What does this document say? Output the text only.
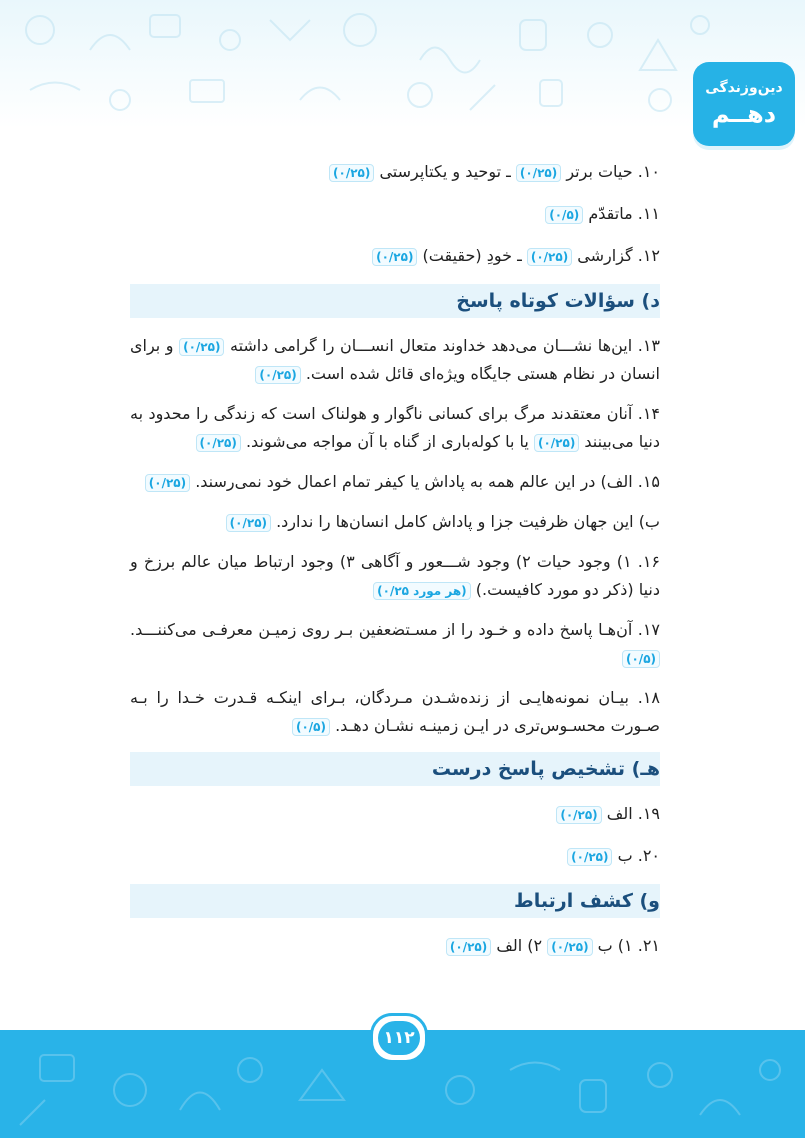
دین‌وزندگی
دهــم

۱۰. حیات برتر (۰/۲۵) ـ توحید و یکتاپرستی (۰/۲۵)

۱۱. ماتقدّم (۰/۵)

۱۲. گزارشی (۰/۲۵) ـ خودِ (حقیقت) (۰/۲۵)

د) سؤالات کوتاه پاسخ

۱۳. این‌ها نشـــان می‌دهد خداوند متعال انســـان را گرامی داشته (۰/۲۵) و برای انسان در نظام هستی جایگاه ویژه‌ای قائل شده است. (۰/۲۵)

۱۴. آنان معتقدند مرگ برای کسانی ناگوار و هولناک است که زندگی را محدود به دنیا می‌بینند (۰/۲۵) یا با کوله‌باری از گناه با آن مواجه می‌شوند. (۰/۲۵)

۱۵. الف) در این عالم همه به پاداش یا کیفر تمام اعمال خود نمی‌رسند. (۰/۲۵)

ب) این جهان ظرفیت جزا و پاداش کامل انسان‌ها را ندارد. (۰/۲۵)

۱۶. ۱) وجود حیات ۲) وجود شـــعور و آگاهی ۳) وجود ارتباط میان عالم برزخ و دنیا (ذکر دو مورد کافیست.) (هر مورد ۰/۲۵)

۱۷. آن‌هـا پاسخ داده و خـود را از مسـتضعفین بـر روی زمیـن معرفـی می‌کننـــد. (۰/۵)

۱۸. بیـان نمونه‌هایـی از زنده‌شـدن مـردگان، بـرای اینکـه قـدرت خـدا را بـه صـورت محسـوس‌تری در ایـن زمینـه نشـان دهـد. (۰/۵)

هـ) تشخیص پاسخ درست

۱۹. الف (۰/۲۵)

۲۰. ب (۰/۲۵)

و) کشف ارتباط

۲۱. ۱) ب (۰/۲۵) ۲) الف (۰/۲۵)

۱۱۲
